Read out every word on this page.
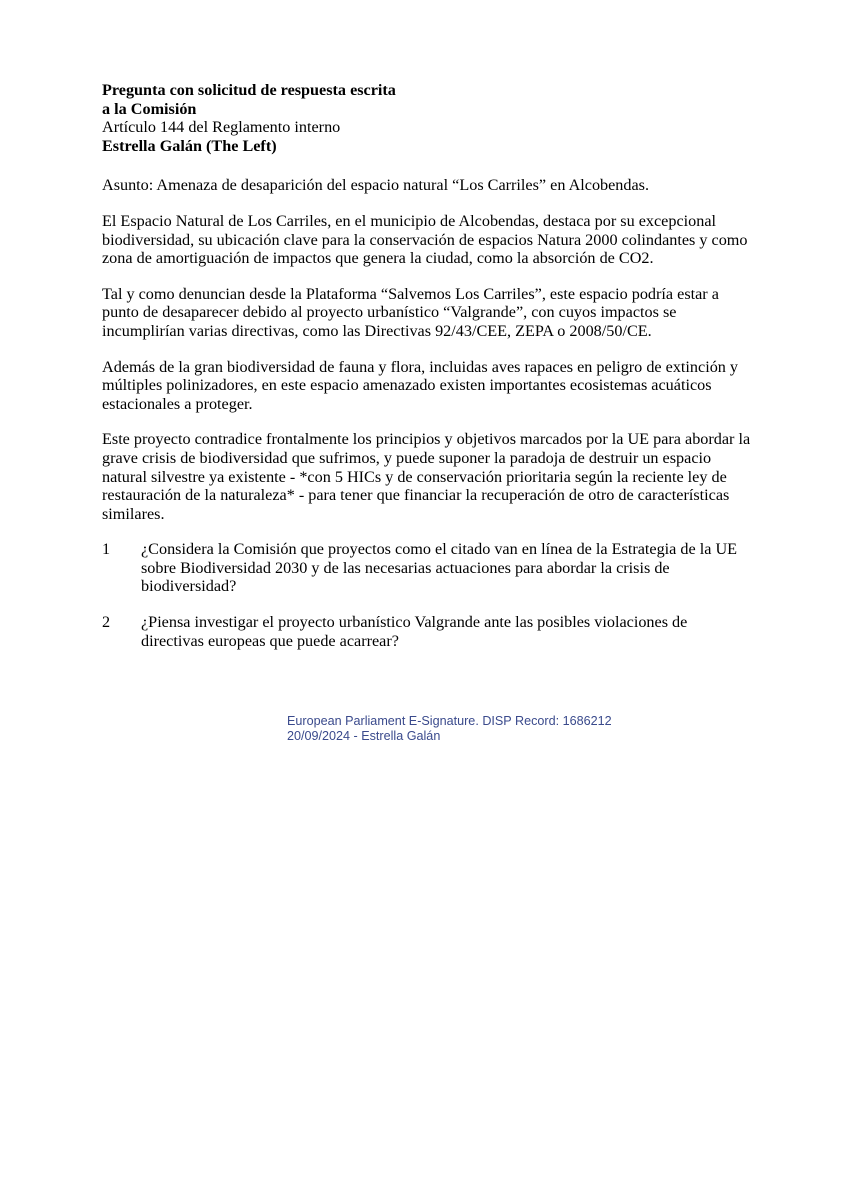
Pregunta con solicitud de respuesta escrita
a la Comisión
Artículo 144 del Reglamento interno
Estrella Galán (The Left)

Asunto: Amenaza de desaparición del espacio natural “Los Carriles” en Alcobendas.

El Espacio Natural de Los Carriles, en el municipio de Alcobendas, destaca por su excepcional biodiversidad, su ubicación clave para la conservación de espacios Natura 2000 colindantes y como zona de amortiguación de impactos que genera la ciudad, como la absorción de CO2.

Tal y como denuncian desde la Plataforma “Salvemos Los Carriles”, este espacio podría estar a punto de desaparecer debido al proyecto urbanístico “Valgrande”, con cuyos impactos se incumplirían varias directivas, como las Directivas 92/43/CEE, ZEPA o 2008/50/CE.

Además de la gran biodiversidad de fauna y flora, incluidas aves rapaces en peligro de extinción y múltiples polinizadores, en este espacio amenazado existen importantes ecosistemas acuáticos estacionales a proteger.

Este proyecto contradice frontalmente los principios y objetivos marcados por la UE para abordar la grave crisis de biodiversidad que sufrimos, y puede suponer la paradoja de destruir un espacio natural silvestre ya existente - *con 5 HICs y de conservación prioritaria según la reciente ley de restauración de la naturaleza* - para tener que financiar la recuperación de otro de características similares.

1	¿Considera la Comisión que proyectos como el citado van en línea de la Estrategia de la UE sobre Biodiversidad 2030 y de las necesarias actuaciones para abordar la crisis de biodiversidad?
2	¿Piensa investigar el proyecto urbanístico Valgrande ante las posibles violaciones de directivas europeas que puede acarrear?
European Parliament E-Signature. DISP Record: 1686212
20/09/2024 - Estrella Galán
